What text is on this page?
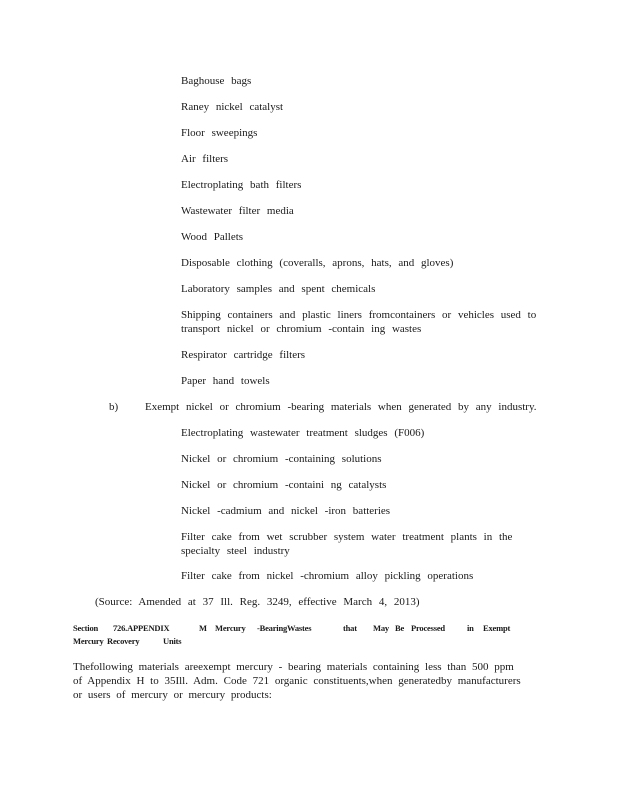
Baghouse bags
Raney nickel catalyst
Floor sweepings
Air filters
Electroplating bath filters
Wastewater filter media
Wood Pallets
Disposable clothing (coveralls, aprons, hats, and gloves)
Laboratory samples and spent chemicals
Shipping containers and plastic liners fromcontainers or vehicles used to transport nickel or chromium -contain ing wastes
Respirator cartridge filters
Paper hand towels
b) Exempt nickel or chromium -bearing materials when generated by any industry.
Electroplating wastewater treatment sludges (F006)
Nickel or chromium -containing solutions
Nickel or chromium -containi ng catalysts
Nickel -cadmium and nickel -iron batteries
Filter cake from wet scrubber system water treatment plants in the specialty steel industry
Filter cake from nickel -chromium alloy pickling operations
(Source: Amended at 37 Ill. Reg. 3249, effective March 4, 2013)
Section 726.APPENDIX	M Mercury -BearingWastes	that May Be Processed	in Exempt
Mercury Recovery	Units
Thefollowing materials areexempt mercury - bearing materials containing less than 500 ppm of Appendix H to 35Ill. Adm. Code 721 organic constituents,when generatedby manufacturers or users of mercury or mercury products:
